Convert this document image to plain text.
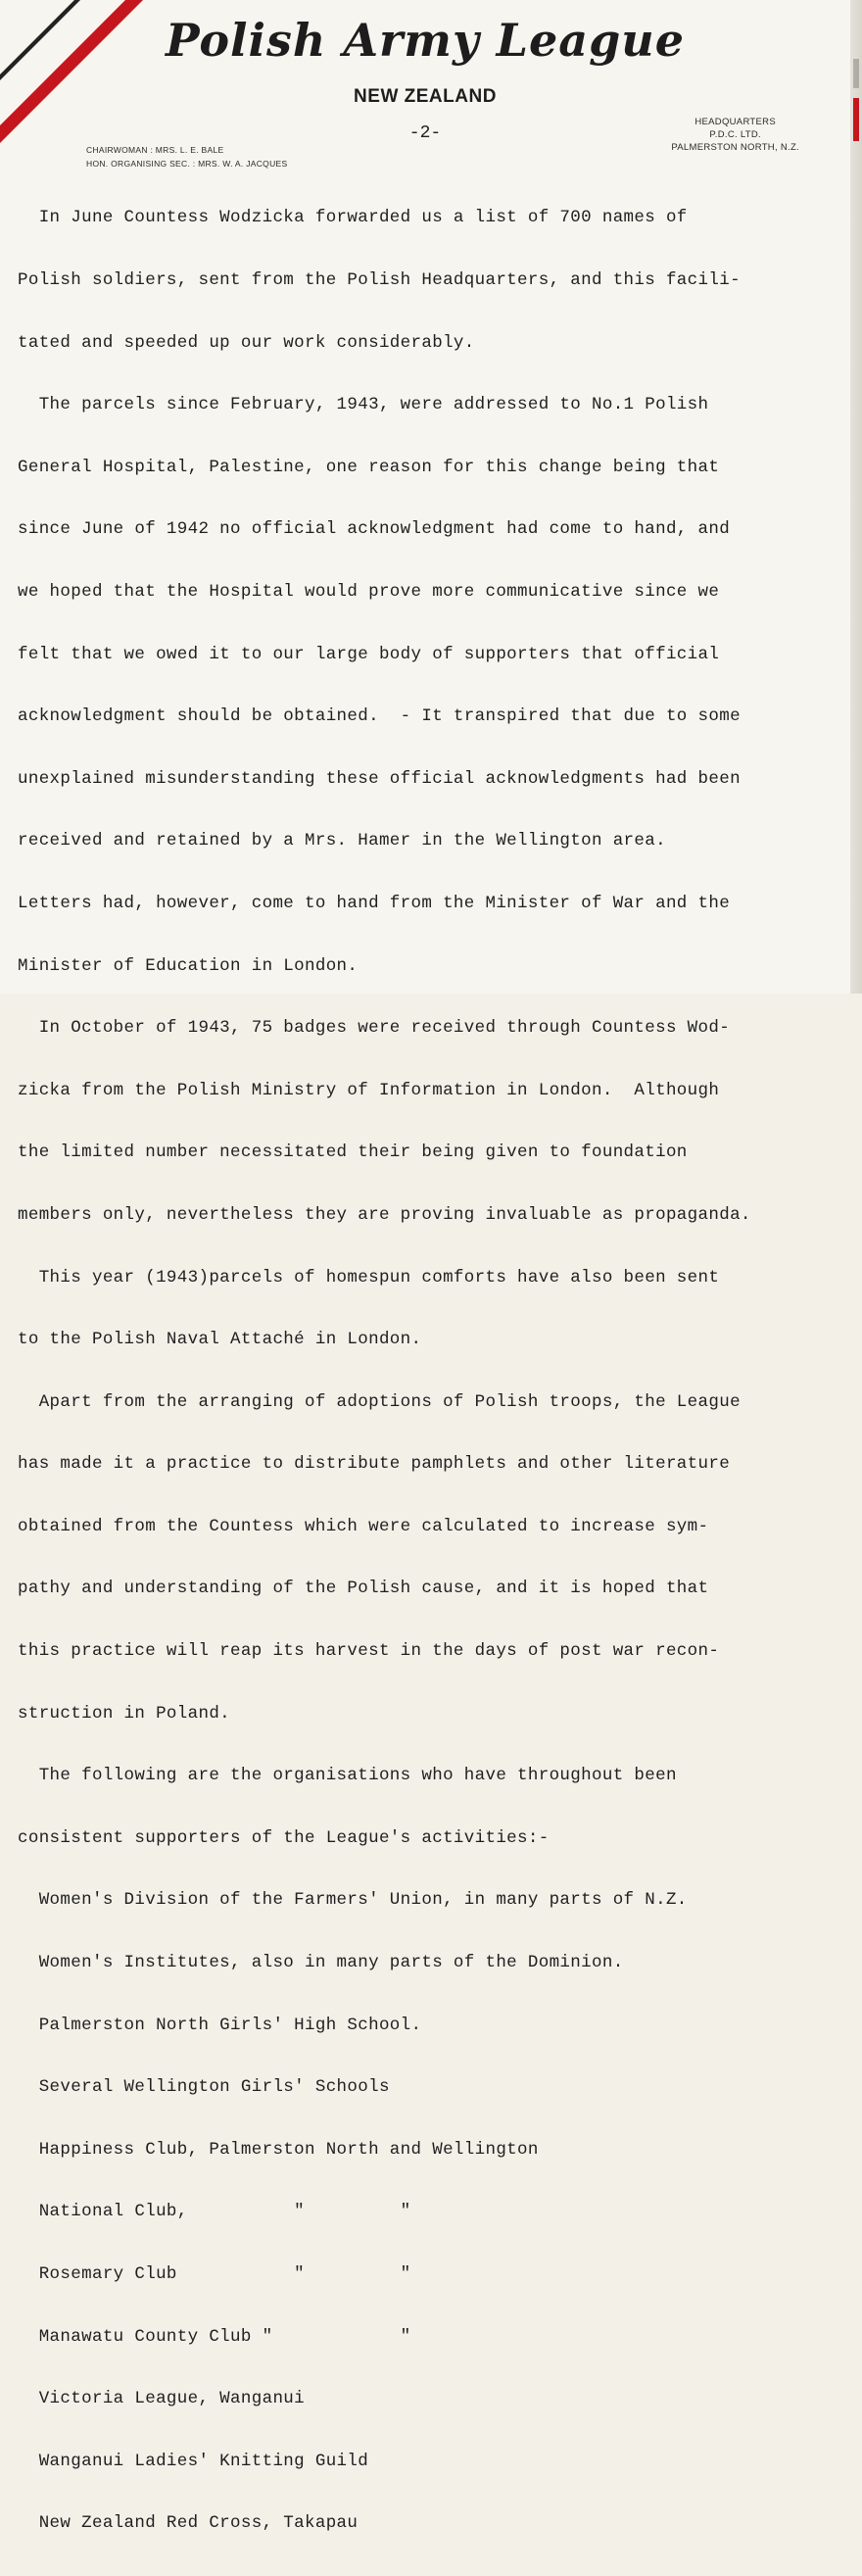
Polish Army League
NEW ZEALAND
-2-
CHAIRWOMAN : MRS. L. E. BALE
HON. ORGANISING SEC. : MRS. W. A. JACQUES
HEADQUARTERS
P.D.C. LTD.
PALMERSTON NORTH, N.Z.

In June Countess Wodzicka forwarded us a list of 700 names of

Polish soldiers, sent from the Polish Headquarters, and this facili-

tated and speeded up our work considerably.

The parcels since February, 1943, were addressed to No.1 Polish

General Hospital, Palestine, one reason for this change being that

since June of 1942 no official acknowledgment had come to hand, and

we hoped that the Hospital would prove more communicative since we

felt that we owed it to our large body of supporters that official

acknowledgment should be obtained.  - It transpired that due to some

unexplained misunderstanding these official acknowledgments had been

received and retained by a Mrs. Hamer in the Wellington area.

Letters had, however, come to hand from the Minister of War and the

Minister of Education in London.

In October of 1943, 75 badges were received through Countess Wod-

zicka from the Polish Ministry of Information in London.  Although

the limited number necessitated their being given to foundation

members only, nevertheless they are proving invaluable as propaganda.

This year (1943)parcels of homespun comforts have also been sent

to the Polish Naval Attaché in London.

Apart from the arranging of adoptions of Polish troops, the League

has made it a practice to distribute pamphlets and other literature

obtained from the Countess which were calculated to increase sym-

pathy and understanding of the Polish cause, and it is hoped that

this practice will reap its harvest in the days of post war recon-

struction in Poland.

The following are the organisations who have throughout been

consistent supporters of the League's activities:-

Women's Division of the Farmers' Union, in many parts of N.Z.

Women's Institutes, also in many parts of the Dominion.

Palmerston North Girls' High School.

Several Wellington Girls' Schools

Happiness Club, Palmerston North and Wellington

National Club,          "         "

Rosemary Club           "         "

Manawatu County Club "            "

Victoria League, Wanganui

Wanganui Ladies' Knitting Guild

New Zealand Red Cross, Takapau
